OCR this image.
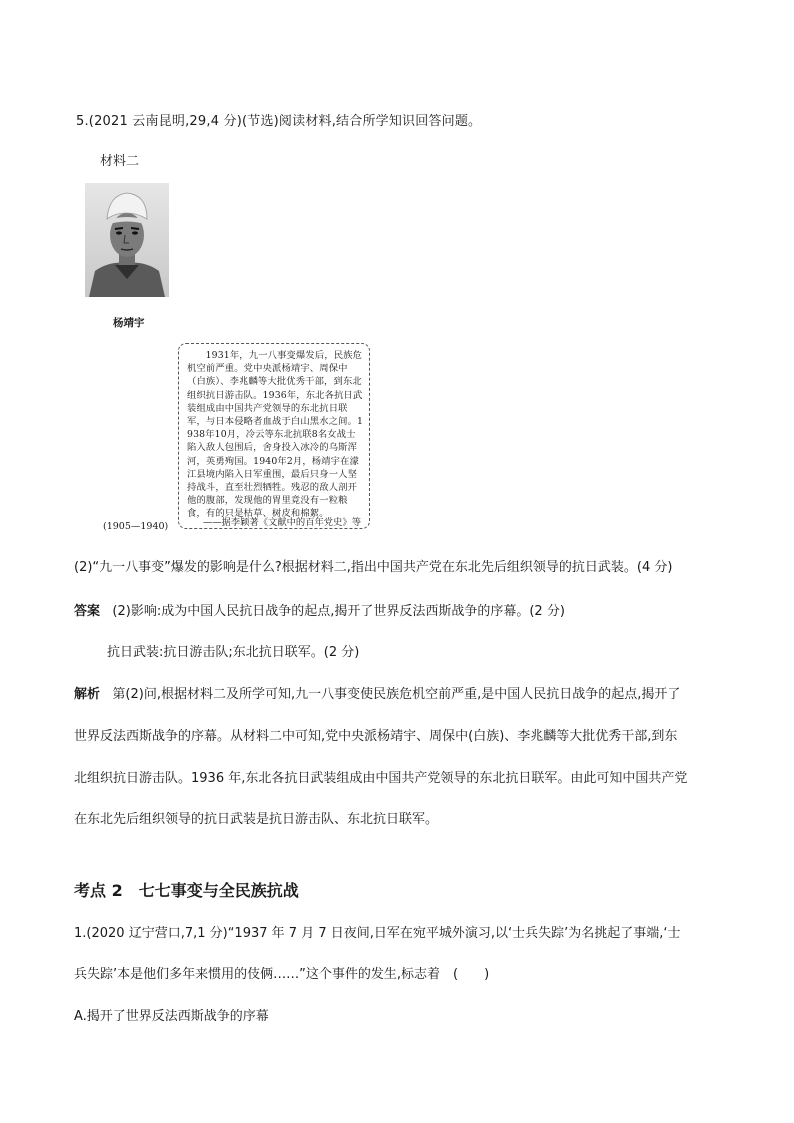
5.(2021 云南昆明,29,4 分)(节选)阅读材料,结合所学知识回答问题。
材料二
杨靖宇
(1905—1940)

1931年，九一八事变爆发后，民族危机空前严重。党中央派杨靖宇、周保中（白族）、李兆麟等大批优秀干部，到东北组织抗日游击队。1936年，东北各抗日武装组成由中国共产党领导的东北抗日联军，与日本侵略者血战于白山黑水之间。1938年10月，冷云等东北抗联8名女战士陷入敌人包围后，舍身投入冰冷的乌斯浑河，英勇殉国。1940年2月，杨靖宇在濛江县境内陷入日军重围，最后只身一人坚持战斗，直至壮烈牺牲。残忍的敌人剖开他的腹部，发现他的胃里竟没有一粒粮食，有的只是枯草、树皮和棉絮。

——据李颖著《文献中的百年党史》等
(2)“九一八事变”爆发的影响是什么?根据材料二,指出中国共产党在东北先后组织领导的抗日武装。(4 分)
答案 (2)影响:成为中国人民抗日战争的起点,揭开了世界反法西斯战争的序幕。(2 分)
抗日武装:抗日游击队;东北抗日联军。(2 分)
解析 第(2)问,根据材料二及所学可知,九一八事变使民族危机空前严重,是中国人民抗日战争的起点,揭开了
世界反法西斯战争的序幕。从材料二中可知,党中央派杨靖宇、周保中(白族)、李兆麟等大批优秀干部,到东
北组织抗日游击队。1936 年,东北各抗日武装组成由中国共产党领导的东北抗日联军。由此可知中国共产党
在东北先后组织领导的抗日武装是抗日游击队、东北抗日联军。
考点 2　七七事变与全民族抗战
1.(2020 辽宁营口,7,1 分)“1937 年 7 月 7 日夜间,日军在宛平城外演习,以‘士兵失踪’为名挑起了事端,‘士
兵失踪’本是他们多年来惯用的伎俩……”这个事件的发生,标志着　(　　)
A.揭开了世界反法西斯战争的序幕
